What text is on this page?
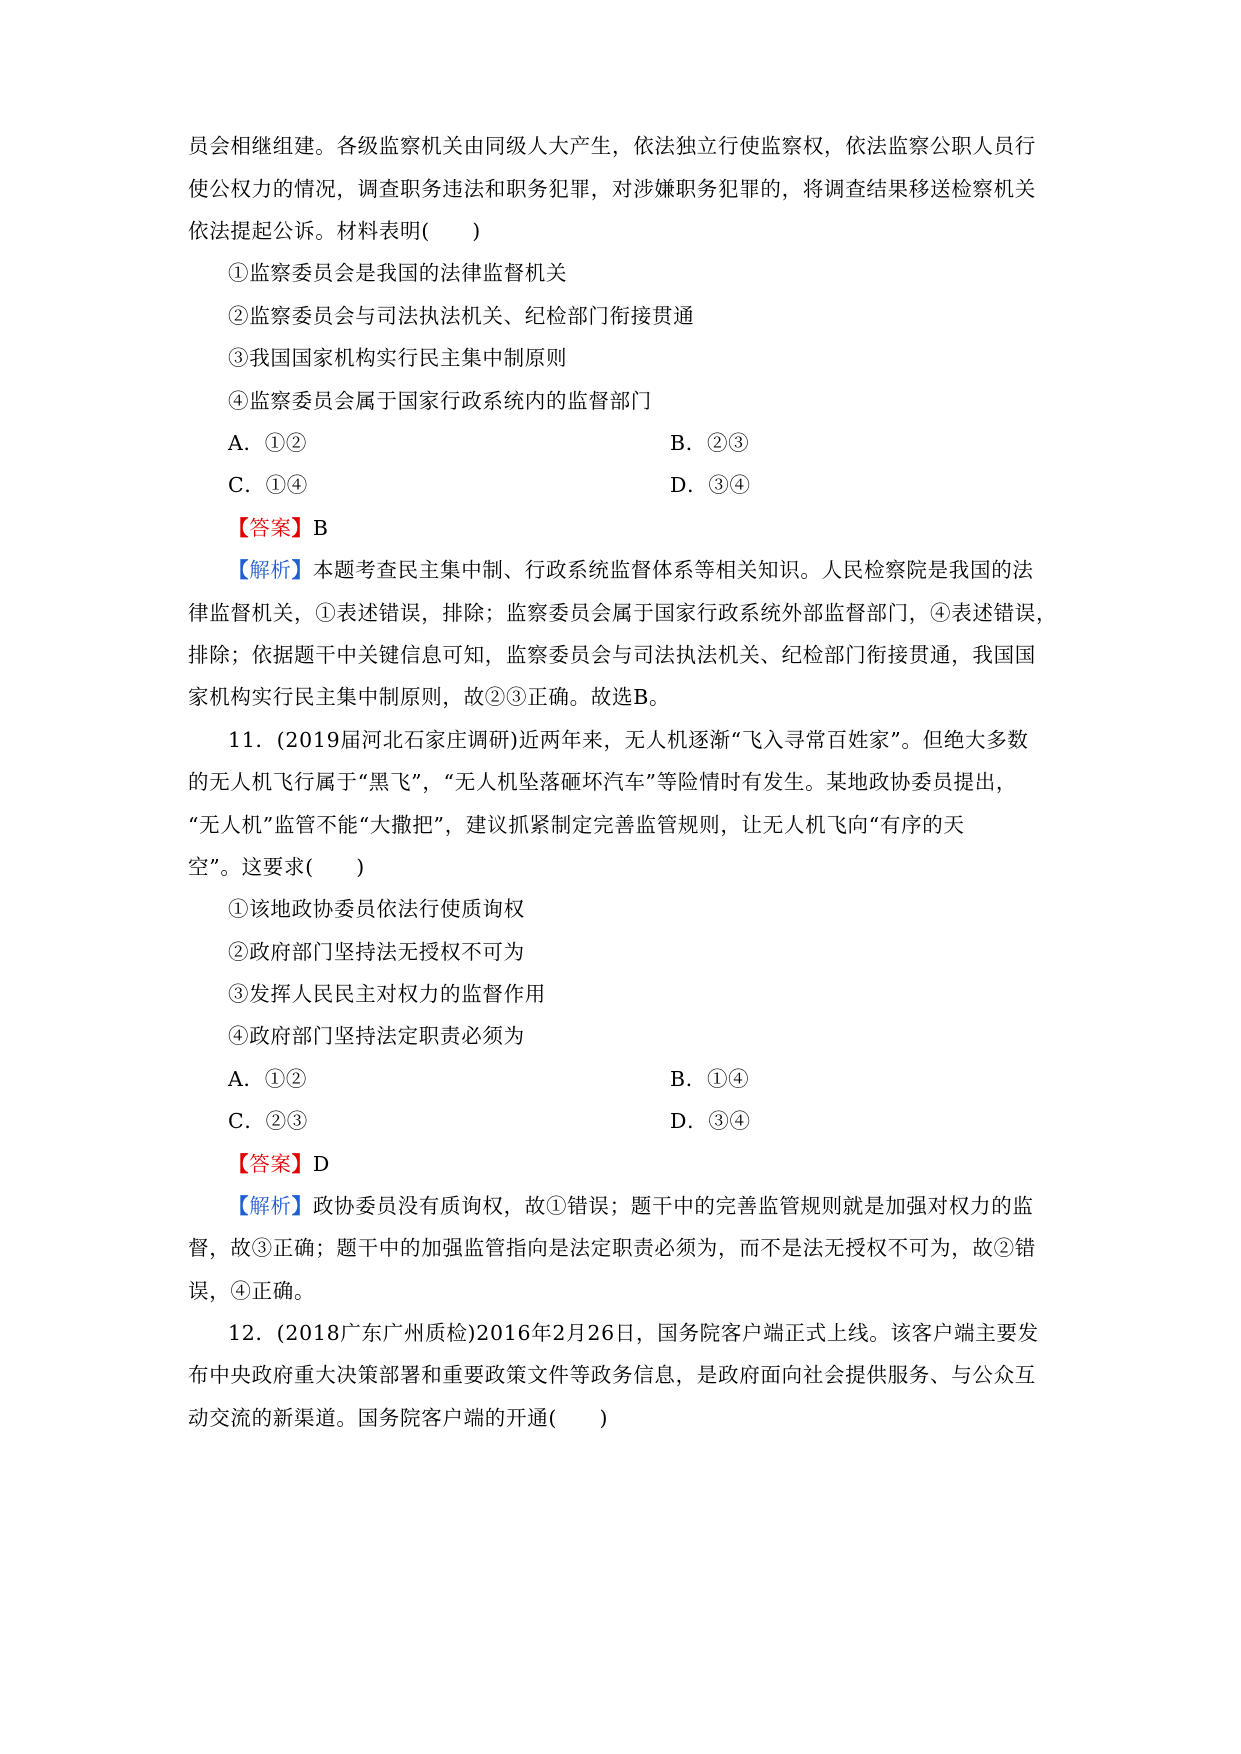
员会相继组建。各级监察机关由同级人大产生，依法独立行使监察权，依法监察公职人员行
使公权力的情况，调查职务违法和职务犯罪，对涉嫌职务犯罪的，将调查结果移送检察机关
依法提起公诉。材料表明(　　)
①监察委员会是我国的法律监督机关
②监察委员会与司法执法机关、纪检部门衔接贯通
③我国国家机构实行民主集中制原则
④监察委员会属于国家行政系统内的监督部门
A．①②	B．②③
C．①④	D．③④
【答案】B
【解析】本题考查民主集中制、行政系统监督体系等相关知识。人民检察院是我国的法
律监督机关，①表述错误，排除；监察委员会属于国家行政系统外部监督部门，④表述错误，
排除；依据题干中关键信息可知，监察委员会与司法执法机关、纪检部门衔接贯通，我国国
家机构实行民主集中制原则，故②③正确。故选B。
11．(2019届河北石家庄调研)近两年来，无人机逐渐“飞入寻常百姓家”。但绝大多数
的无人机飞行属于“黑飞”，“无人机坠落砸坏汽车”等险情时有发生。某地政协委员提出，
“无人机”监管不能“大撒把”，建议抓紧制定完善监管规则，让无人机飞向“有序的天
空”。这要求(　　)
①该地政协委员依法行使质询权
②政府部门坚持法无授权不可为
③发挥人民民主对权力的监督作用
④政府部门坚持法定职责必须为
A．①②	B．①④
C．②③	D．③④
【答案】D
【解析】政协委员没有质询权，故①错误；题干中的完善监管规则就是加强对权力的监
督，故③正确；题干中的加强监管指向是法定职责必须为，而不是法无授权不可为，故②错
误，④正确。
12．(2018广东广州质检)2016年2月26日，国务院客户端正式上线。该客户端主要发
布中央政府重大决策部署和重要政策文件等政务信息，是政府面向社会提供服务、与公众互
动交流的新渠道。国务院客户端的开通(　　)
